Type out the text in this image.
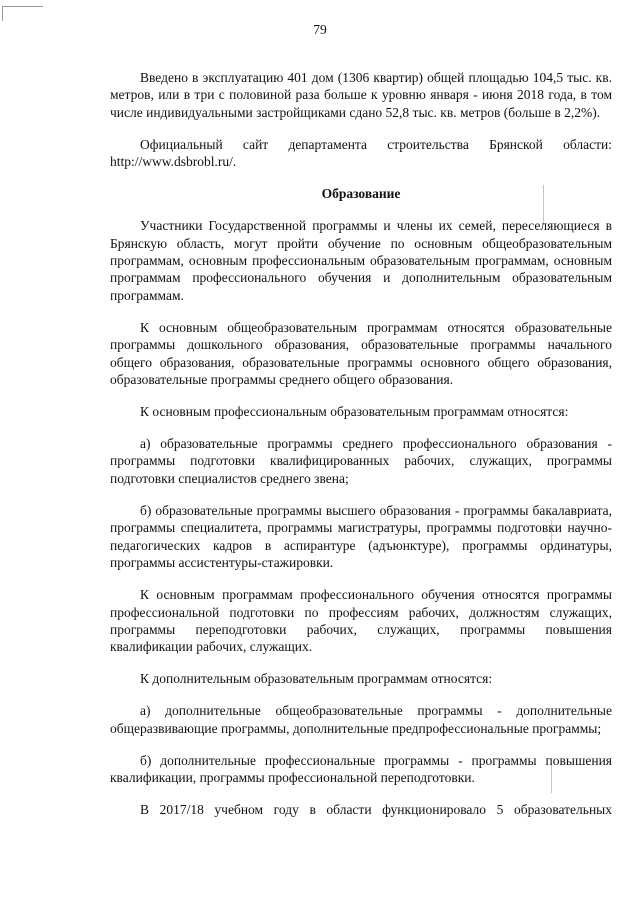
79

Введено в эксплуатацию 401 дом (1306 квартир) общей площадью 104,5 тыс. кв. метров, или в три с половиной раза больше к уровню января - июня 2018 года, в том числе индивидуальными застройщиками сдано 52,8 тыс. кв. метров (больше в 2,2%).

Официальный сайт департамента строительства Брянской области: http://www.dsbrobl.ru/.

Образование

Участники Государственной программы и члены их семей, переселяющиеся в Брянскую область, могут пройти обучение по основным общеобразовательным программам, основным профессиональным образовательным программам, основным программам профессионального обучения и дополнительным образовательным программам.

К основным общеобразовательным программам относятся образовательные программы дошкольного образования, образовательные программы начального общего образования, образовательные программы основного общего образования, образовательные программы среднего общего образования.

К основным профессиональным образовательным программам относятся:

а) образовательные программы среднего профессионального образования - программы подготовки квалифицированных рабочих, служащих, программы подготовки специалистов среднего звена;

б) образовательные программы высшего образования - программы бакалавриата, программы специалитета, программы магистратуры, программы подготовки научно-педагогических кадров в аспирантуре (адъюнктуре), программы ординатуры, программы ассистентуры-стажировки.

К основным программам профессионального обучения относятся программы профессиональной подготовки по профессиям рабочих, должностям служащих, программы переподготовки рабочих, служащих, программы повышения квалификации рабочих, служащих.

К дополнительным образовательным программам относятся:

а) дополнительные общеобразовательные программы - дополнительные общеразвивающие программы, дополнительные предпрофессиональные программы;

б) дополнительные профессиональные программы - программы повышения квалификации, программы профессиональной переподготовки.

В 2017/18 учебном году в области функционировало 5 образовательных
